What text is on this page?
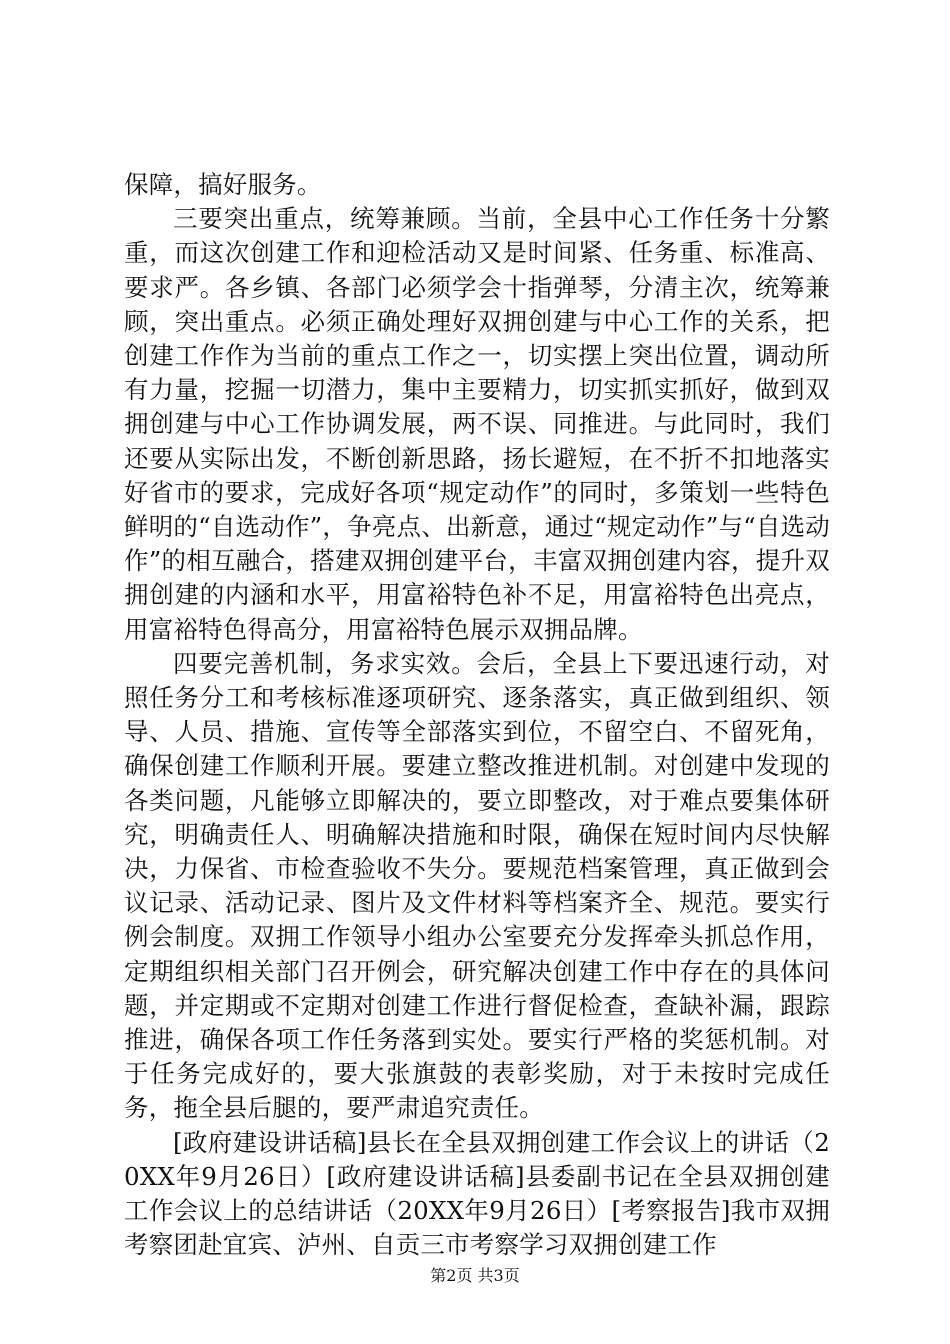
保障，搞好服务。

三要突出重点，统筹兼顾。当前，全县中心工作任务十分繁重，而这次创建工作和迎检活动又是时间紧、任务重、标准高、要求严。各乡镇、各部门必须学会十指弹琴，分清主次，统筹兼顾，突出重点。必须正确处理好双拥创建与中心工作的关系，把创建工作作为当前的重点工作之一，切实摆上突出位置，调动所有力量，挖掘一切潜力，集中主要精力，切实抓实抓好，做到双拥创建与中心工作协调发展，两不误、同推进。与此同时，我们还要从实际出发，不断创新思路，扬长避短，在不折不扣地落实好省市的要求，完成好各项“规定动作”的同时，多策划一些特色鲜明的“自选动作”，争亮点、出新意，通过“规定动作”与“自选动作”的相互融合，搭建双拥创建平台，丰富双拥创建内容，提升双拥创建的内涵和水平，用富裕特色补不足，用富裕特色出亮点，用富裕特色得高分，用富裕特色展示双拥品牌。

四要完善机制，务求实效。会后，全县上下要迅速行动，对照任务分工和考核标准逐项研究、逐条落实，真正做到组织、领导、人员、措施、宣传等全部落实到位，不留空白、不留死角，确保创建工作顺利开展。要建立整改推进机制。对创建中发现的各类问题，凡能够立即解决的，要立即整改，对于难点要集体研究，明确责任人、明确解决措施和时限，确保在短时间内尽快解决，力保省、市检查验收不失分。要规范档案管理，真正做到会议记录、活动记录、图片及文件材料等档案齐全、规范。要实行例会制度。双拥工作领导小组办公室要充分发挥牵头抓总作用，定期组织相关部门召开例会，研究解决创建工作中存在的具体问题，并定期或不定期对创建工作进行督促检查，查缺补漏，跟踪推进，确保各项工作任务落到实处。要实行严格的奖惩机制。对于任务完成好的，要大张旗鼓的表彰奖励，对于未按时完成任务，拖全县后腿的，要严肃追究责任。

[政府建设讲话稿]县长在全县双拥创建工作会议上的讲话（20XX年9月26日）[政府建设讲话稿]县委副书记在全县双拥创建工作会议上的总结讲话（20XX年9月26日）[考察报告]我市双拥考察团赴宜宾、泸州、自贡三市考察学习双拥创建工作

第2页 共3页
